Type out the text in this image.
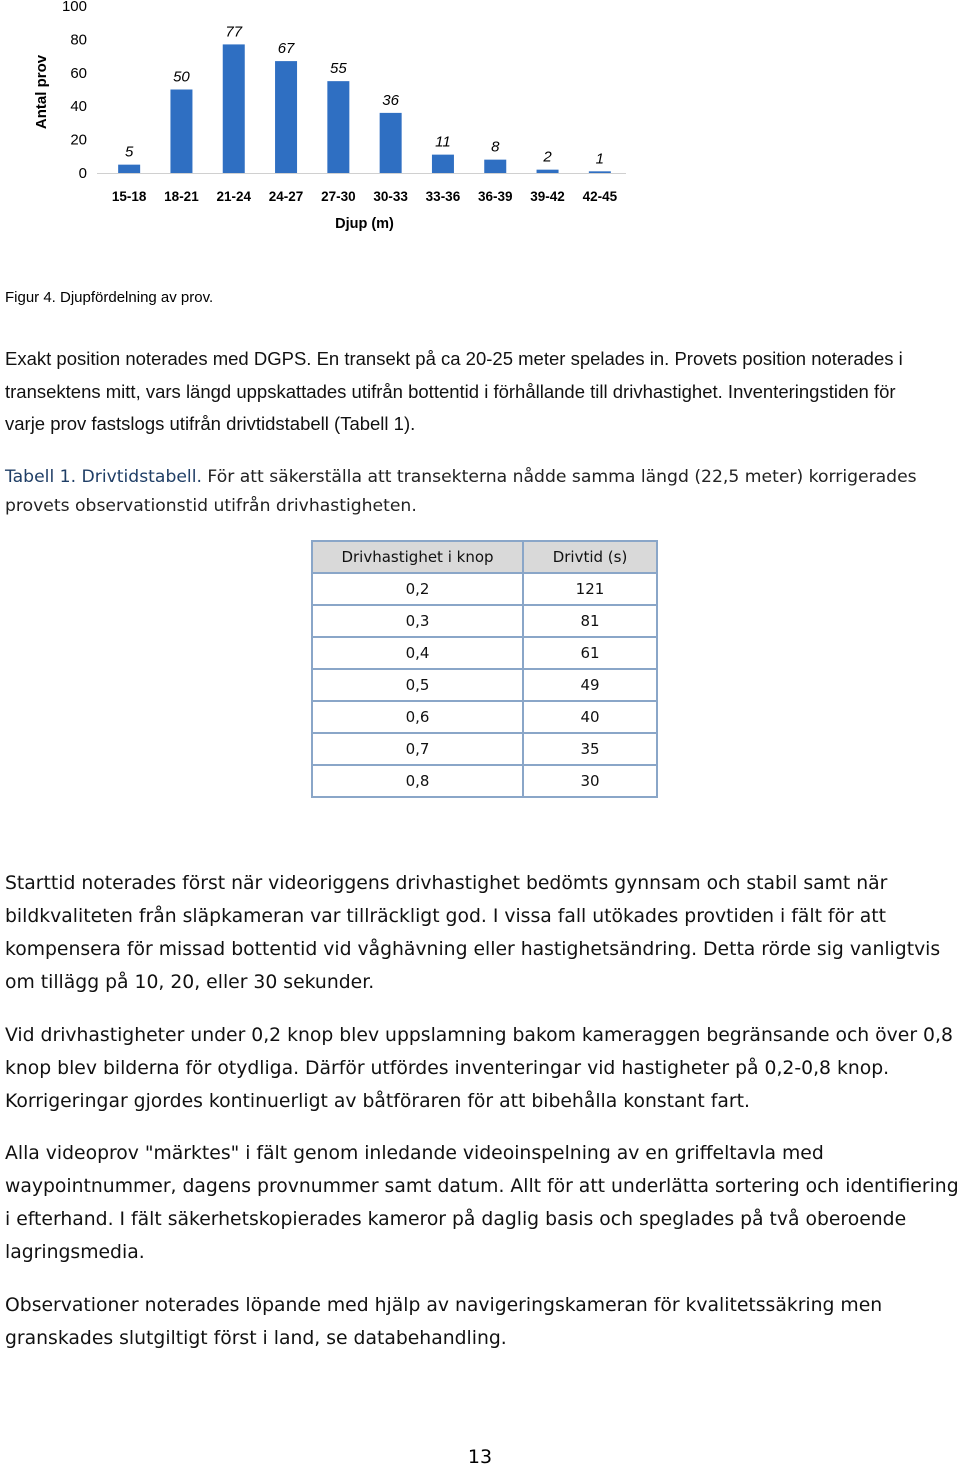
0
20
40
60
80
100
Antal prov
5
15-18
50
18-21
77
21-24
67
24-27
55
27-30
36
30-33
11
33-36
8
36-39
2
39-42
1
42-45
Djup (m)
Figur 4. Djupfördelning av prov.
Exakt position noterades med DGPS. En transekt på ca 20-25 meter spelades in. Provets position noterades i transektens mitt, vars längd uppskattades utifrån bottentid i förhållande till drivhastighet. Inventeringstiden för varje prov fastslogs utifrån drivtidstabell (Tabell 1).
Tabell 1. Drivtidstabell. För att säkerställa att transekterna nådde samma längd (22,5 meter) korrigerades provets observationstid utifrån drivhastigheten.
Drivhastighet i knop	Drivtid (s)
0,2	121
0,3	81
0,4	61
0,5	49
0,6	40
0,7	35
0,8	30
Starttid noterades först när videoriggens drivhastighet bedömts gynnsam och stabil samt när bildkvaliteten från släpkameran var tillräckligt god. I vissa fall utökades provtiden i fält för att kompensera för missad bottentid vid våghävning eller hastighetsändring. Detta rörde sig vanligtvis om tillägg på 10, 20, eller 30 sekunder.
Vid drivhastigheter under 0,2 knop blev uppslamning bakom kameraggen begränsande och över 0,8 knop blev bilderna för otydliga. Därför utfördes inventeringar vid hastigheter på 0,2-0,8 knop. Korrigeringar gjordes kontinuerligt av båtföraren för att bibehålla konstant fart.
Alla videoprov "märktes" i fält genom inledande videoinspelning av en griffeltavla med waypointnummer, dagens provnummer samt datum. Allt för att underlätta sortering och identifiering i efterhand. I fält säkerhetskopierades kameror på daglig basis och speglades på två oberoende lagringsmedia.
Observationer noterades löpande med hjälp av navigeringskameran för kvalitetssäkring men granskades slutgiltigt först i land, se databehandling.
13
